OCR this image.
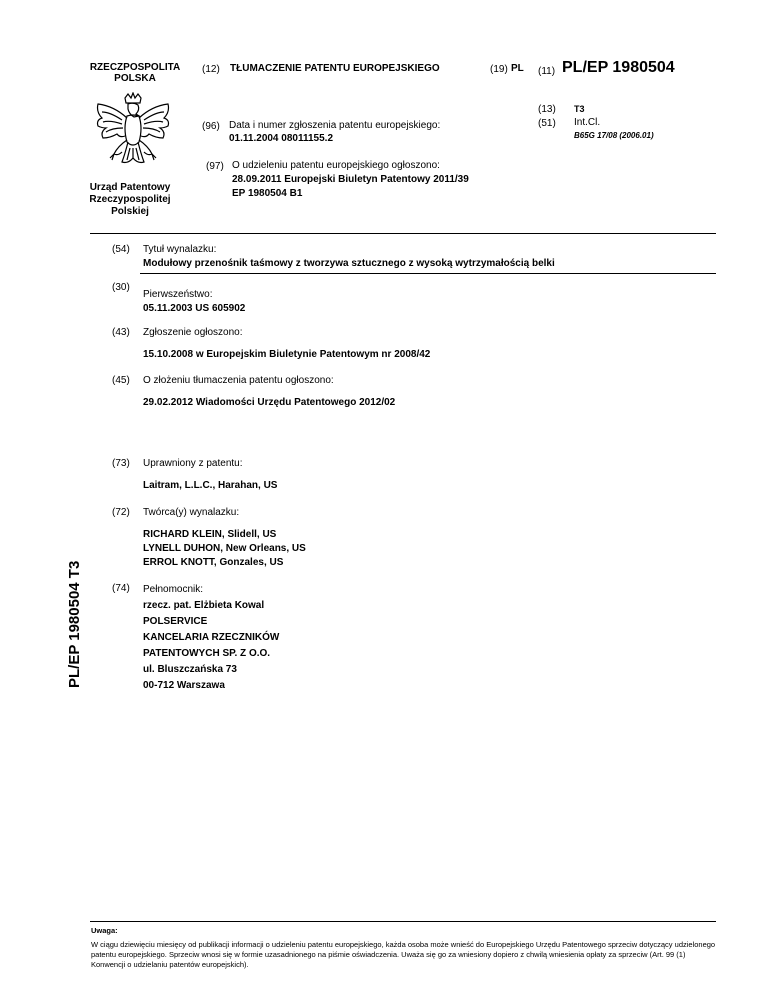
RZECZPOSPOLITA
POLSKA
Urząd Patentowy
Rzeczypospolitej
Polskiej
(12) TŁUMACZENIE PATENTU EUROPEJSKIEGO	(19) PL (11) PL/EP 1980504
(13) T3
(51) Int.Cl.
B65G 17/08 (2006.01)
(96) Data i numer zgłoszenia patentu europejskiego:
01.11.2004 08011155.2
(97) O udzieleniu patentu europejskiego ogłoszono:
28.09.2011 Europejski Biuletyn Patentowy 2011/39
EP 1980504 B1
(54) Tytuł wynalazku:
Modułowy przenośnik taśmowy z tworzywa sztucznego z wysoką wytrzymałością belki
(30)
Pierwszeństwo:
05.11.2003 US 605902
(43) Zgłoszenie ogłoszono:
15.10.2008 w Europejskim Biuletynie Patentowym nr 2008/42
(45) O złożeniu tłumaczenia patentu ogłoszono:
29.02.2012 Wiadomości Urzędu Patentowego 2012/02
(73) Uprawniony z patentu:
Laitram, L.L.C., Harahan, US
(72) Twórca(y) wynalazku:
RICHARD KLEIN, Slidell, US
LYNELL DUHON, New Orleans, US
ERROL KNOTT, Gonzales, US
(74) Pełnomocnik:
rzecz. pat. Elżbieta Kowal
POLSERVICE
KANCELARIA RZECZNIKÓW
PATENTOWYCH SP. Z O.O.
ul. Bluszczańska 73
00-712 Warszawa
PL/EP 1980504 T3
Uwaga:
W ciągu dziewięciu miesięcy od publikacji informacji o udzieleniu patentu europejskiego, każda osoba może wnieść do Europejskiego Urzędu Patentowego sprzeciw dotyczący udzielonego patentu europejskiego. Sprzeciw wnosi się w formie uzasadnionego na piśmie oświadczenia. Uważa się go za wniesiony dopiero z chwilą wniesienia opłaty za sprzeciw (Art. 99 (1) Konwencji o udzielaniu patentów europejskich).
